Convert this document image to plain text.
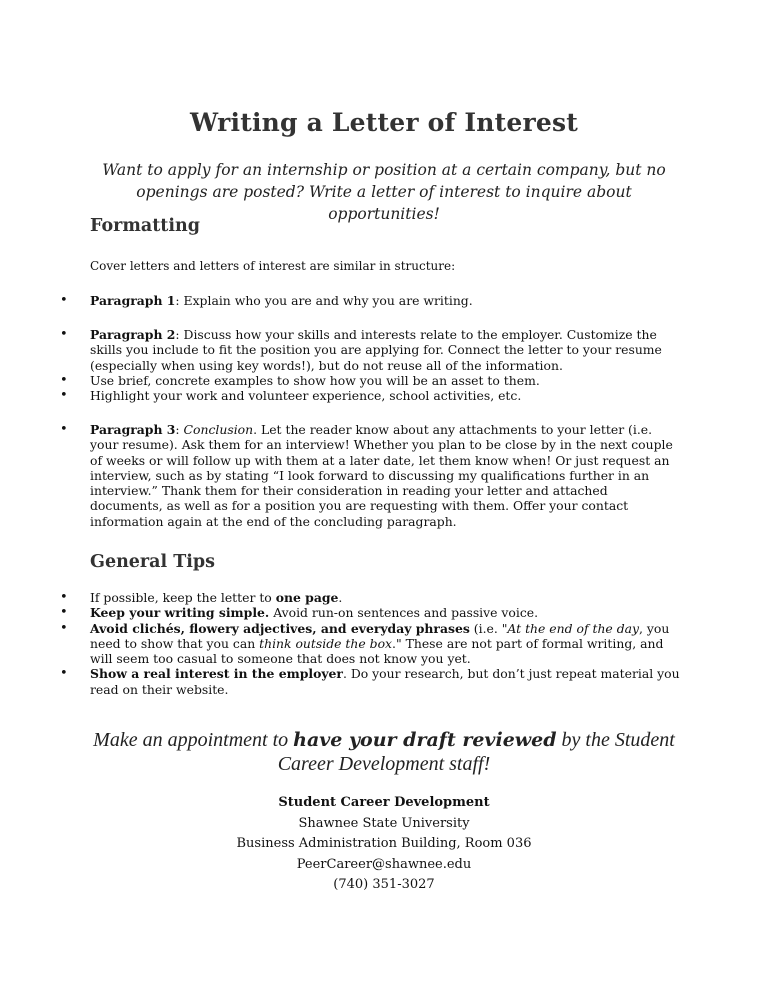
Writing a Letter of Interest
Want to apply for an internship or position at a certain company, but no openings are posted? Write a letter of interest to inquire about opportunities!
Formatting
Cover letters and letters of interest are similar in structure:
• Paragraph 1: Explain who you are and why you are writing.
• Paragraph 2: Discuss how your skills and interests relate to the employer. Customize the skills you include to fit the position you are applying for. Connect the letter to your resume (especially when using key words!), but do not reuse all of the information.
• Use brief, concrete examples to show how you will be an asset to them.
• Highlight your work and volunteer experience, school activities, etc.
• Paragraph 3: Conclusion. Let the reader know about any attachments to your letter (i.e. your resume). Ask them for an interview! Whether you plan to be close by in the next couple of weeks or will follow up with them at a later date, let them know when! Or just request an interview, such as by stating “I look forward to discussing my qualifications further in an interview.” Thank them for their consideration in reading your letter and attached documents, as well as for a position you are requesting with them. Offer your contact information again at the end of the concluding paragraph.
General Tips
• If possible, keep the letter to one page.
• Keep your writing simple. Avoid run-on sentences and passive voice.
• Avoid clichés, flowery adjectives, and everyday phrases (i.e. "At the end of the day, you need to show that you can think outside the box." These are not part of formal writing, and will seem too casual to someone that does not know you yet.
• Show a real interest in the employer. Do your research, but don’t just repeat material you read on their website.
Make an appointment to have your draft reviewed by the Student Career Development staff!
Student Career Development
Shawnee State University
Business Administration Building, Room 036
PeerCareer@shawnee.edu
(740) 351-3027
